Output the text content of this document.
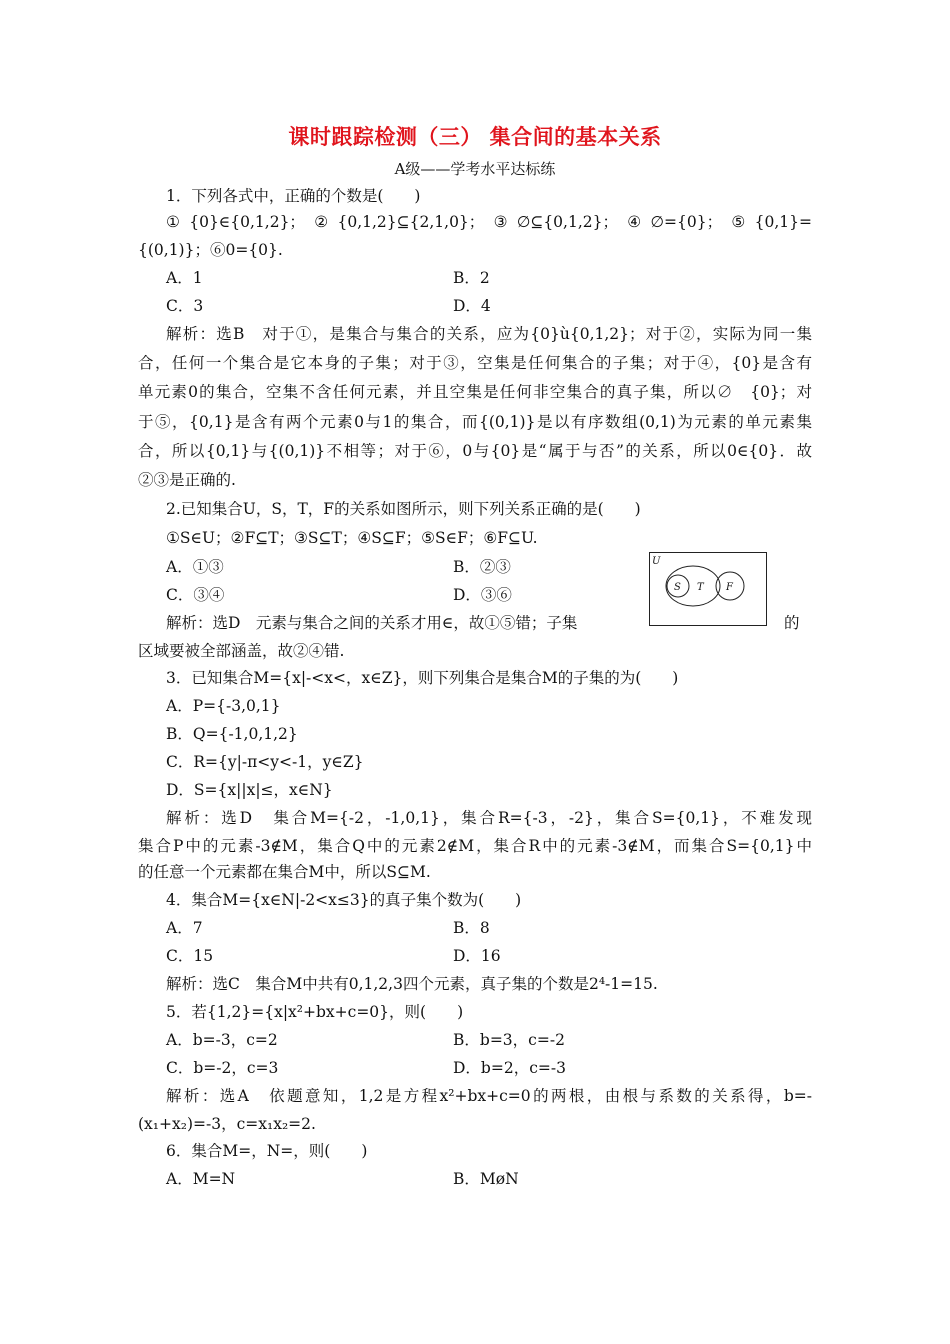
课时跟踪检测（三） 集合间的基本关系
A级——学考水平达标练
1．下列各式中，正确的个数是(　　)
①{0}∈{0,1,2}；②{0,1,2}⊆{2,1,0}；③∅⊆{0,1,2}；④∅={0}；⑤{0,1}=
{(0,1)}；⑥0={0}.
A．1	B．2
C．3	D．4
解析：选B　对于①，是集合与集合的关系，应为{0}ù{0,1,2}；对于②，实际为同一集
合，任何一个集合是它本身的子集；对于③，空集是任何集合的子集；对于④，{0}是含有
单元素0的集合，空集不含任何元素，并且空集是任何非空集合的真子集，所以∅　{0}；对
于⑤，{0,1}是含有两个元素0与1的集合，而{(0,1)}是以有序数组(0,1)为元素的单元素集
合，所以{0,1}与{(0,1)}不相等；对于⑥，0与{0}是“属于与否”的关系，所以0∈{0}．故
②③是正确的.
2.已知集合U，S，T，F的关系如图所示，则下列关系正确的是(　　)
①S∈U；②F⊆T；③S⊆T；④S⊆F；⑤S∈F；⑥F⊆U.
A．①③	B．②③
C．③④	D．③⑥
U
S T F
解析：选D　元素与集合之间的关系才用∈，故①⑤错；子集	的
区域要被全部涵盖，故②④错.
3．已知集合M={x|-<x<，x∈Z}，则下列集合是集合M的子集的为(　　)
A．P={-3,0,1}
B．Q={-1,0,1,2}
C．R={y|-π<y<-1，y∈Z}
D．S={x||x|≤，x∈N}
解析：选D　集合M={-2，-1,0,1}，集合R={-3，-2}，集合S={0,1}，不难发现
集合P中的元素-3∉M，集合Q中的元素2∉M，集合R中的元素-3∉M，而集合S={0,1}中
的任意一个元素都在集合M中，所以S⊆M.
4．集合M={x∈N|-2<x≤3}的真子集个数为(　　)
A．7	B．8
C．15	D．16
解析：选C　集合M中共有0,1,2,3四个元素，真子集的个数是2⁴-1=15.
5．若{1,2}={x|x²+bx+c=0}，则(　　)
A．b=-3，c=2	B．b=3，c=-2
C．b=-2，c=3	D．b=2，c=-3
解析：选A　依题意知，1,2是方程x²+bx+c=0的两根，由根与系数的关系得，b=-
(x₁+x₂)=-3，c=x₁x₂=2.
6．集合M=，N=，则(　　)
A．M=N	B．MøN
